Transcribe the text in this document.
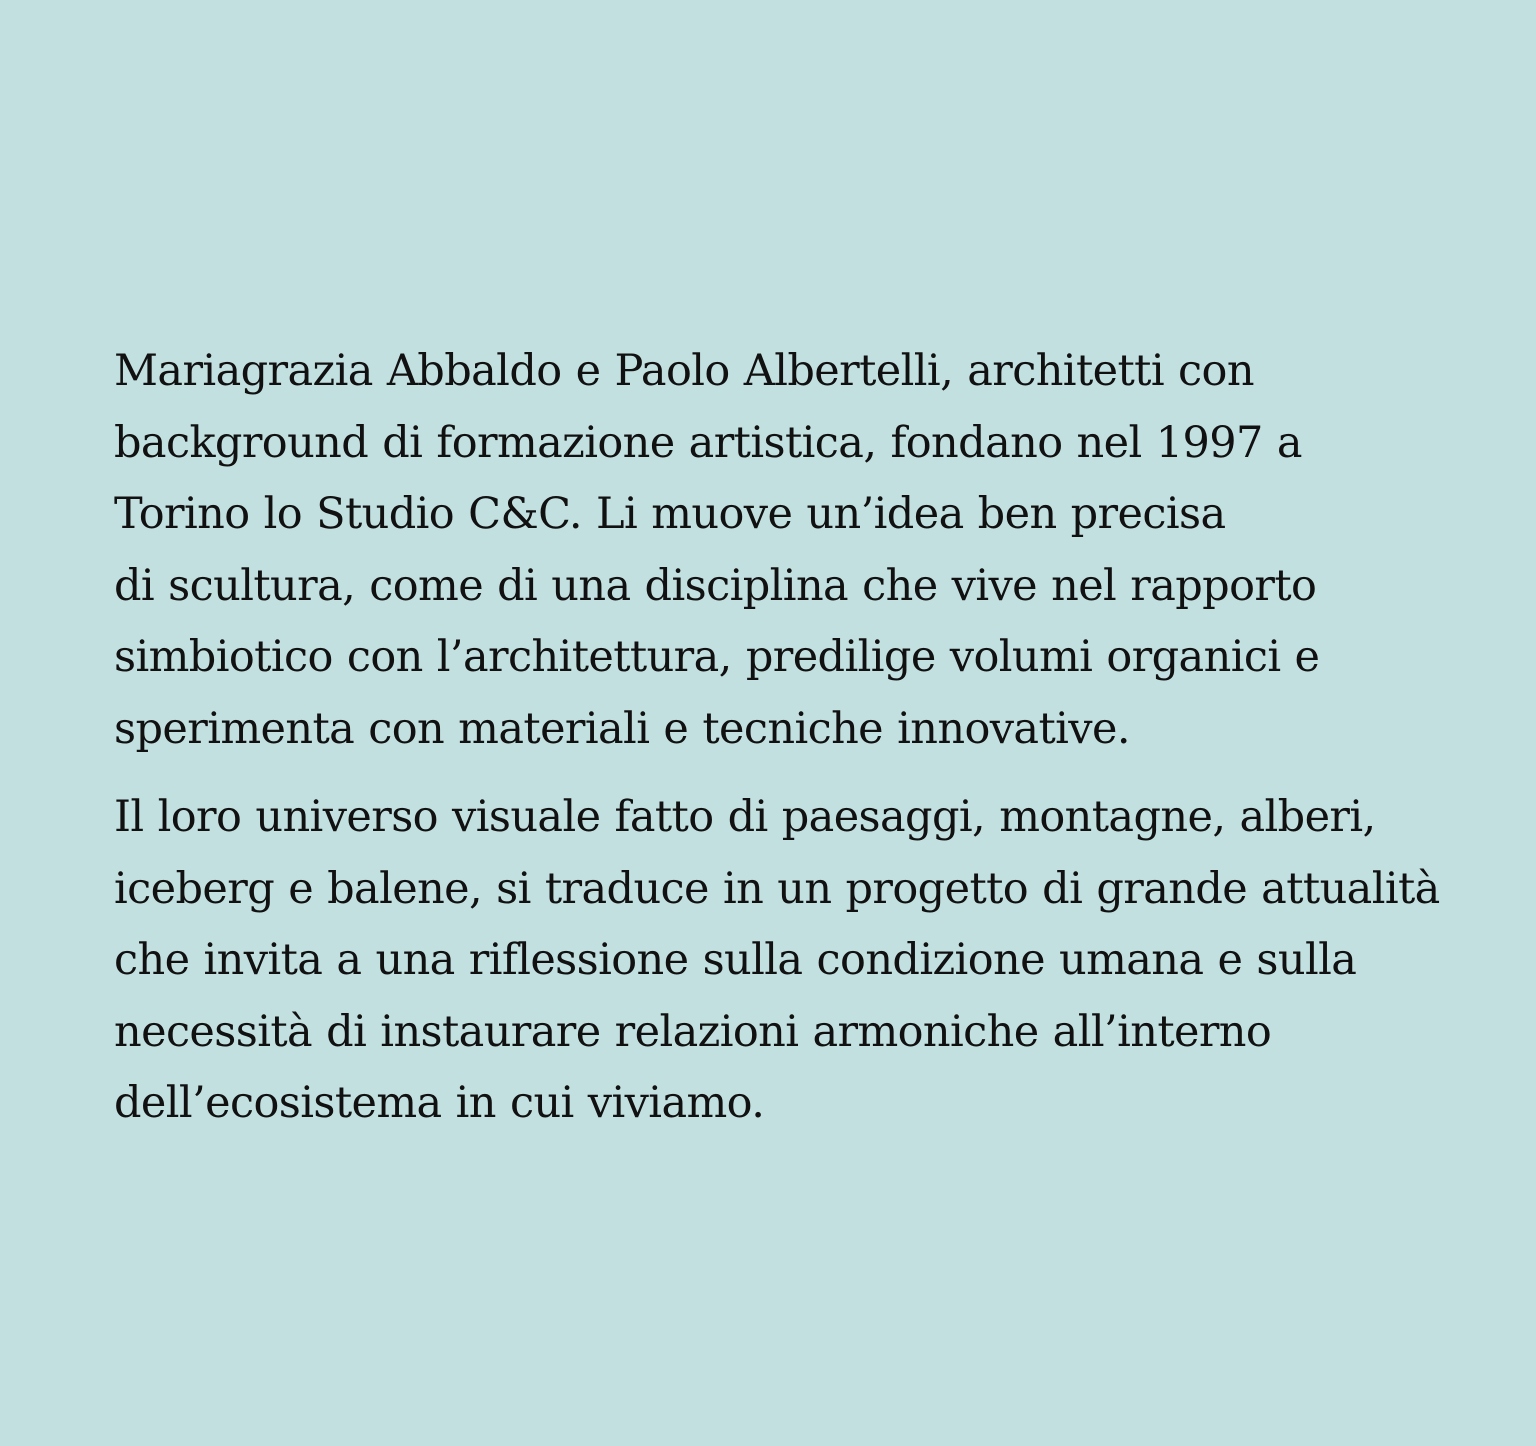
Mariagrazia Abbaldo e Paolo Albertelli, architetti con
background di formazione artistica, fondano nel 1997 a
Torino lo Studio C&C. Li muove un’idea ben precisa
di scultura, come di una disciplina che vive nel rapporto
simbiotico con l’architettura, predilige volumi organici e
sperimenta con materiali e tecniche innovative.

Il loro universo visuale fatto di paesaggi, montagne, alberi,
iceberg e balene, si traduce in un progetto di grande attualità
che invita a una riflessione sulla condizione umana e sulla
necessità di instaurare relazioni armoniche all’interno
dell’ecosistema in cui viviamo.
